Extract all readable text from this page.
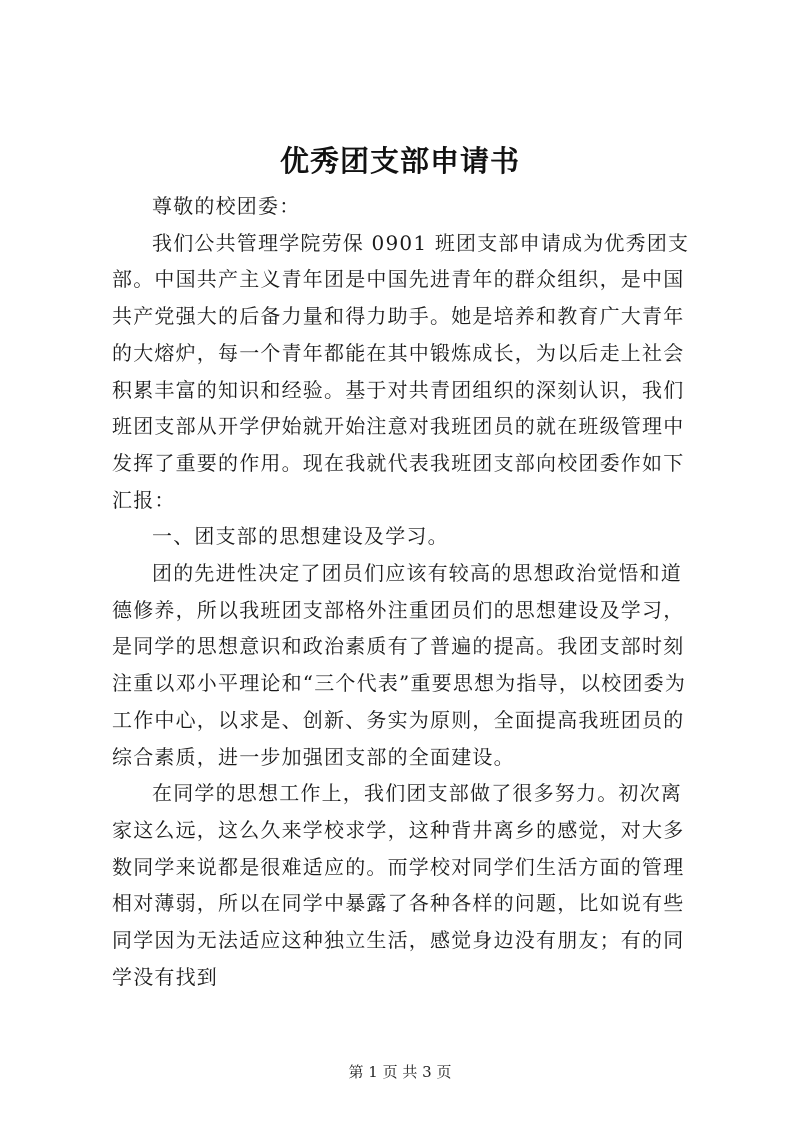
优秀团支部申请书

尊敬的校团委：

我们公共管理学院劳保 0901 班团支部申请成为优秀团支部。中国共产主义青年团是中国先进青年的群众组织，是中国共产党强大的后备力量和得力助手。她是培养和教育广大青年的大熔炉，每一个青年都能在其中锻炼成长，为以后走上社会积累丰富的知识和经验。基于对共青团组织的深刻认识，我们班团支部从开学伊始就开始注意对我班团员的就在班级管理中发挥了重要的作用。现在我就代表我班团支部向校团委作如下汇报：

一、团支部的思想建设及学习。

团的先进性决定了团员们应该有较高的思想政治觉悟和道德修养，所以我班团支部格外注重团员们的思想建设及学习，是同学的思想意识和政治素质有了普遍的提高。我团支部时刻注重以邓小平理论和“三个代表”重要思想为指导，以校团委为工作中心，以求是、创新、务实为原则，全面提高我班团员的综合素质，进一步加强团支部的全面建设。

在同学的思想工作上，我们团支部做了很多努力。初次离家这么远，这么久来学校求学，这种背井离乡的感觉，对大多数同学来说都是很难适应的。而学校对同学们生活方面的管理相对薄弱，所以在同学中暴露了各种各样的问题，比如说有些同学因为无法适应这种独立生活，感觉身边没有朋友；有的同学没有找到

第 1 页 共 3 页
